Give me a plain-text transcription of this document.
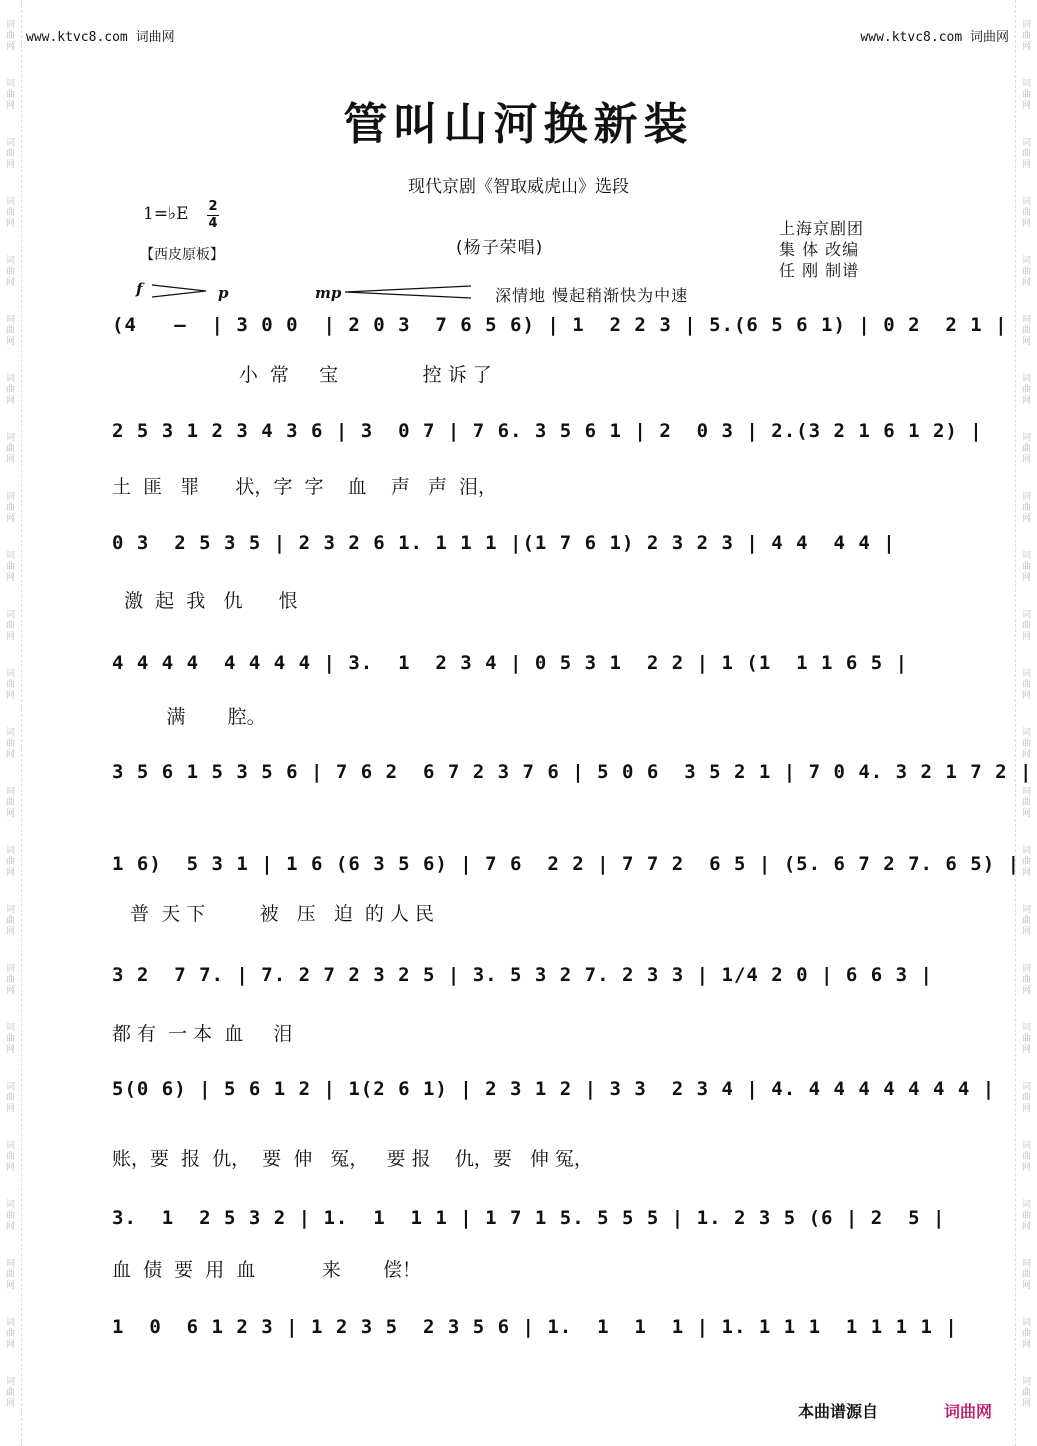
词曲网
词曲网
词曲网
词曲网
词曲网
词曲网
词曲网
词曲网
词曲网
词曲网
词曲网
词曲网
词曲网
词曲网
词曲网
词曲网
词曲网
词曲网
词曲网
词曲网
词曲网
词曲网
词曲网
词曲网
词曲网
词曲网
词曲网
词曲网
词曲网
词曲网
词曲网
词曲网
词曲网
词曲网
词曲网
词曲网
词曲网
词曲网
词曲网
词曲网
词曲网
词曲网
词曲网
词曲网
词曲网
词曲网
词曲网
词曲网
www.ktvc8.com 词曲网	www.ktvc8.com 词曲网
管叫山河换新装
现代京剧《智取威虎山》选段
1=♭E 2
4
【西皮原板】	(杨子荣唱)
上海京剧团
集 体 改编
任 刚 制谱
f	p	mp	深情地 慢起稍渐快为中速
(4   –  | 3 0 0  | 2 0 3  7 6 5 6) | 1  2 2 3 | 5.(6 5 6 1) | 0 2  2 1 |
小  常     宝              控 诉 了
2 5 3 1 2 3 4 3 6 | 3  0 7 | 7 6. 3 5 6 1 | 2  0 3 | 2.(3 2 1 6 1 2) |
土  匪   罪      状，字  字    血    声   声  泪，
0 3  2 5 3 5 | 2 3 2 6 1. 1 1 1 |(1 7 6 1) 2 3 2 3 | 4 4  4 4 |
激  起  我   仇      恨
4 4 4 4  4 4 4 4 | 3.  1  2 3 4 | 0 5 3 1  2 2 | 1 (1  1 1 6 5 |
满       腔。
3 5 6 1 5 3 5 6 | 7 6 2  6 7 2 3 7 6 | 5 0 6  3 5 2 1 | 7 0 4. 3 2 1 7 2 |
1 6)  5 3 1 | 1 6 (6 3 5 6) | 7 6  2 2 | 7 7 2  6 5 | (5. 6 7 2 7. 6 5) |
普  天 下         被   压   迫  的 人 民
3 2  7 7. | 7. 2 7 2 3 2 5 | 3. 5 3 2 7. 2 3 3 | 1/4 2 0 | 6 6 3 |
都 有  一 本  血     泪
5(0 6) | 5 6 1 2 | 1(2 6 1) | 2 3 1 2 | 3 3  2 3 4 | 4. 4 4 4 4 4 4 4 |
账，要  报  仇，  要  伸   冤，   要 报    仇，要   伸 冤，
3.  1  2 5 3 2 | 1.  1  1 1 | 1 7 1 5. 5 5 5 | 1. 2 3 5 (6 | 2  5 |
血  债  要  用  血           来       偿！
1  0  6 1 2 3 | 1 2 3 5  2 3 5 6 | 1.  1  1  1 | 1. 1 1 1  1 1 1 1 |
本曲谱源自	词曲网
